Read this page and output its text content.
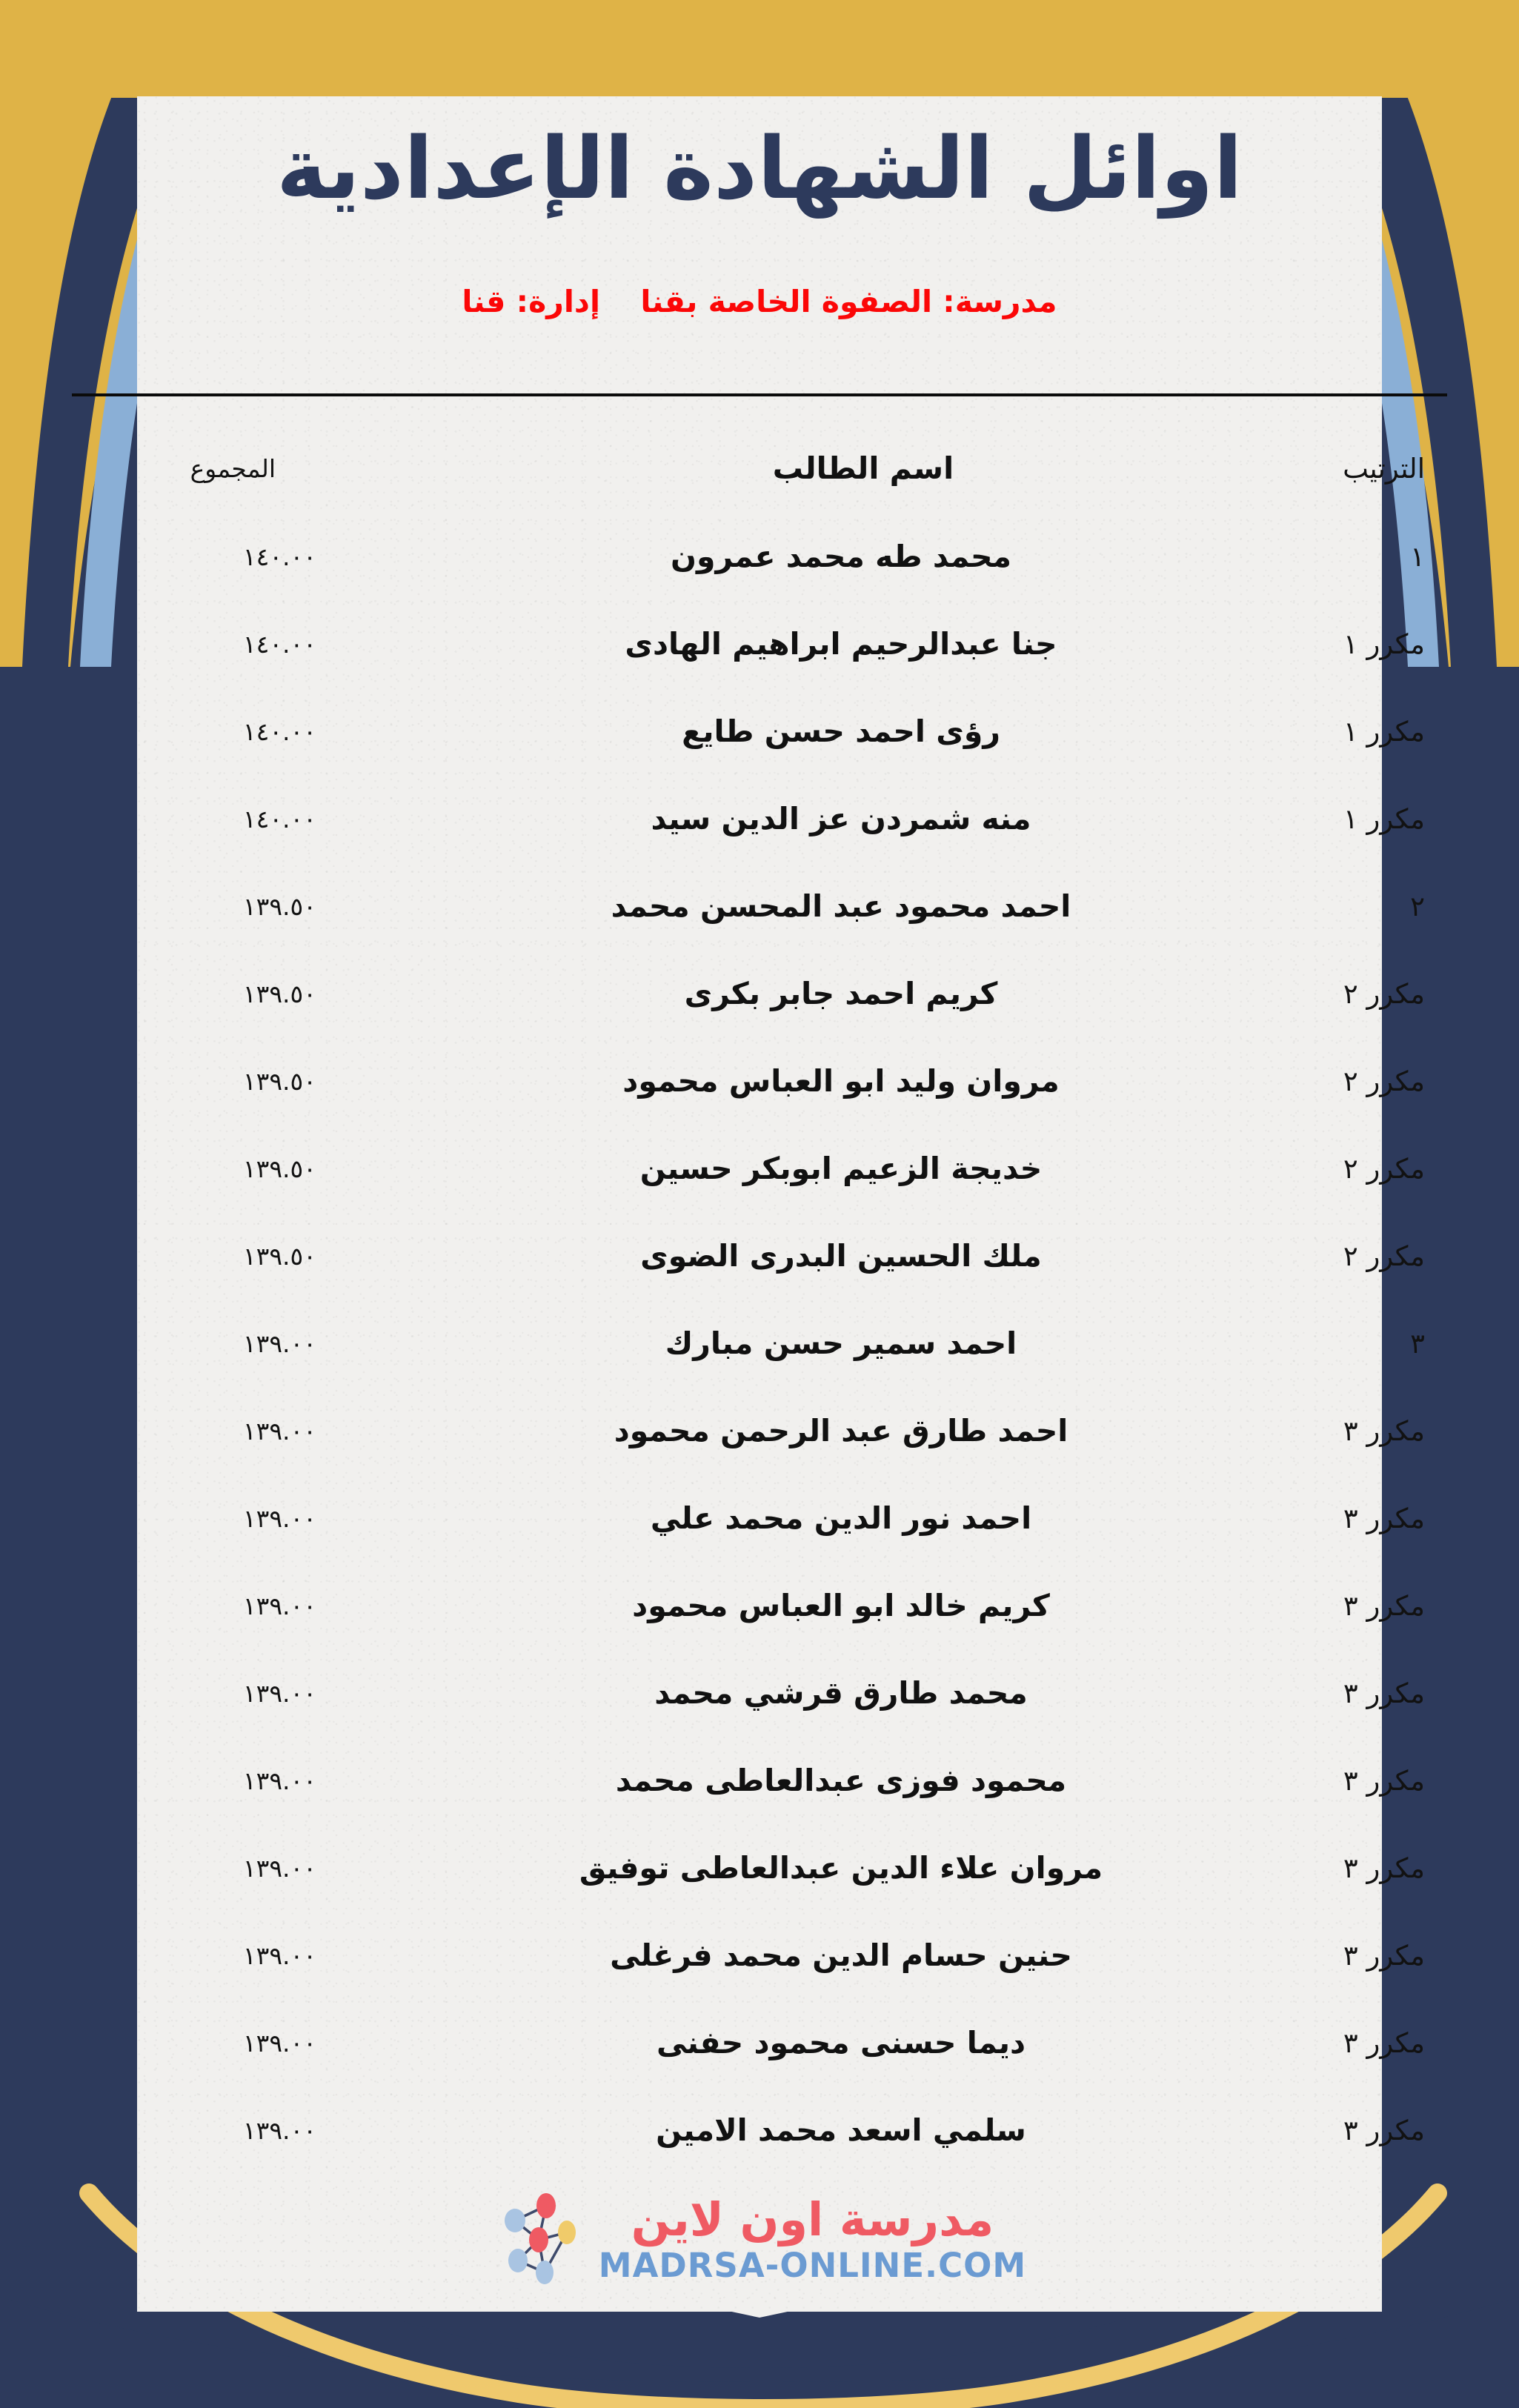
اوائل الشهادة الإعدادية
مدرسة: الصفوة الخاصة بقنا إدارة: قنا
الترتيب
اسم الطالب
المجموع
١
محمد طه محمد عمرون
١٤٠.٠٠
مكرر ١
جنا عبدالرحيم ابراهيم الهادى
١٤٠.٠٠
مكرر ١
رؤى احمد حسن طايع
١٤٠.٠٠
مكرر ١
منه شمردن عز الدين سيد
١٤٠.٠٠
٢
احمد محمود عبد المحسن محمد
١٣٩.٥٠
مكرر ٢
كريم احمد جابر بكرى
١٣٩.٥٠
مكرر ٢
مروان وليد ابو العباس محمود
١٣٩.٥٠
مكرر ٢
خديجة الزعيم ابوبكر حسين
١٣٩.٥٠
مكرر ٢
ملك الحسين البدرى الضوى
١٣٩.٥٠
٣
احمد سمير حسن مبارك
١٣٩.٠٠
مكرر ٣
احمد طارق عبد الرحمن محمود
١٣٩.٠٠
مكرر ٣
احمد نور الدين محمد علي
١٣٩.٠٠
مكرر ٣
كريم خالد ابو العباس محمود
١٣٩.٠٠
مكرر ٣
محمد طارق قرشي محمد
١٣٩.٠٠
مكرر ٣
محمود فوزى عبدالعاطى محمد
١٣٩.٠٠
مكرر ٣
مروان علاء الدين عبدالعاطى توفيق
١٣٩.٠٠
مكرر ٣
حنين حسام الدين محمد فرغلى
١٣٩.٠٠
مكرر ٣
ديما حسنى محمود حفنى
١٣٩.٠٠
مكرر ٣
سلمي اسعد محمد الامين
١٣٩.٠٠
مدرسة اون لاين
MADRSA-ONLINE.COM
